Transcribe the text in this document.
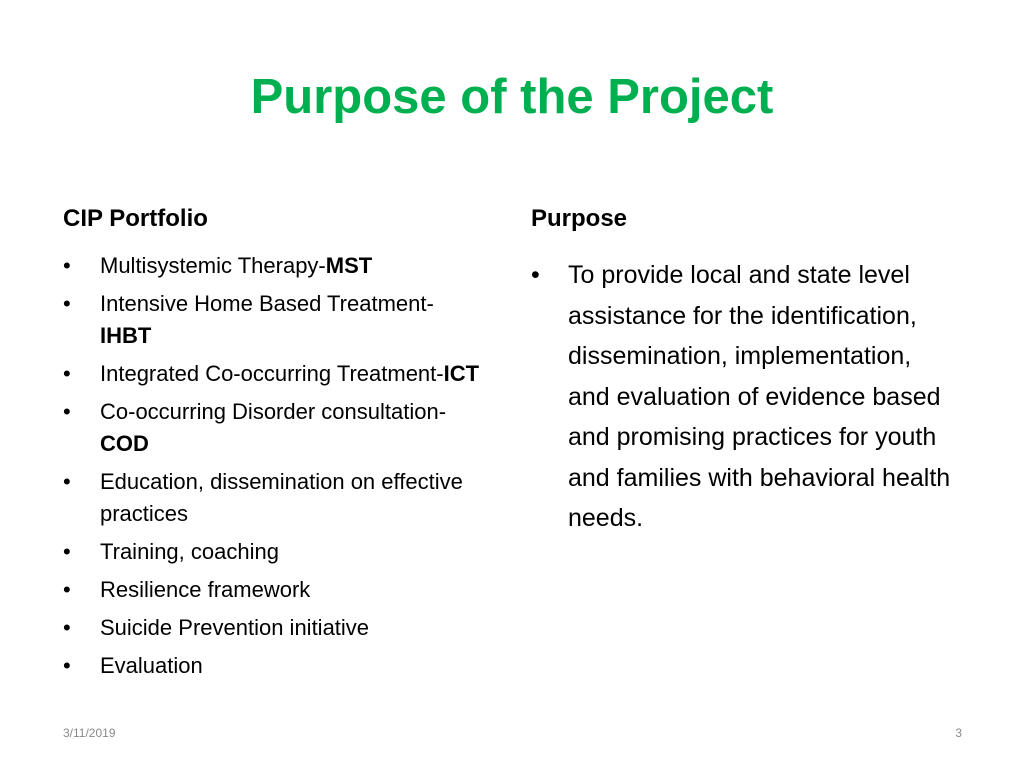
Purpose of the Project
CIP Portfolio
• Multisystemic Therapy-MST
• Intensive Home Based Treatment-IHBT
• Integrated Co-occurring Treatment-ICT
• Co-occurring Disorder consultation-COD
• Education, dissemination on effective practices
• Training, coaching
• Resilience framework
• Suicide Prevention initiative
• Evaluation
Purpose
• To provide local and state level assistance for the identification, dissemination, implementation, and evaluation of evidence based and promising practices for youth and families with behavioral health needs.
3/11/2019	3
